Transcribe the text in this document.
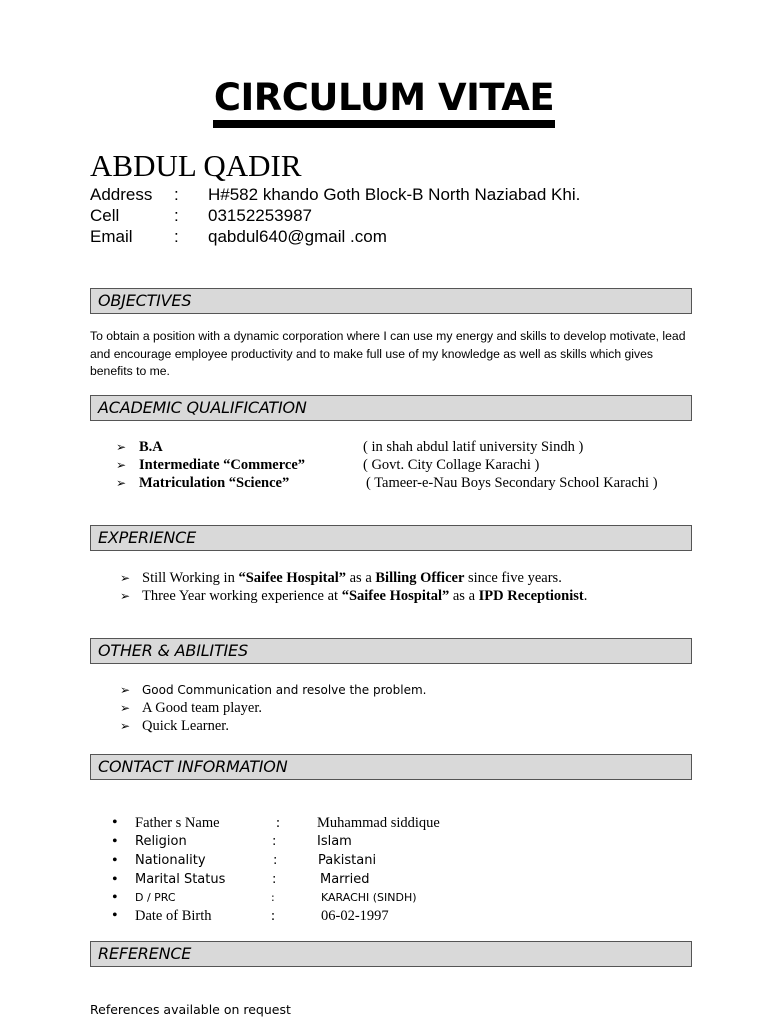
CIRCULUM VITAE
ABDUL QADIR
Address : H#582 khando Goth Block-B North Naziabad Khi.
Cell	: 03152253987
Email : qabdul640@gmail .com
OBJECTIVES
To obtain a position with a dynamic corporation where I can use my energy and skills to develop motivate, lead and encourage employee productivity and to make full use of my knowledge as well as skills which gives benefits to me.
ACADEMIC QUALIFICATION
➢ B.A	( in shah abdul latif university Sindh )
➢ Intermediate “Commerce”	( Govt. City Collage Karachi )
➢ Matriculation “Science”	( Tameer-e-Nau Boys Secondary School Karachi )
EXPERIENCE
➢ Still Working in “Saifee Hospital” as a Billing Officer since five years.
➢ Three Year working experience at “Saifee Hospital” as a IPD Receptionist.
OTHER & ABILITIES
➢ Good Communication and resolve the problem.
➢ A Good team player.
➢ Quick Learner.
CONTACT INFORMATION
• Father s Name	:	Muhammad siddique
• Religion	:	Islam
• Nationality	:	Pakistani
• Marital Status	:	Married
• D / PRC	:	KARACHI (SINDH)
• Date of Birth	:	06-02-1997
REFERENCE
References available on request
